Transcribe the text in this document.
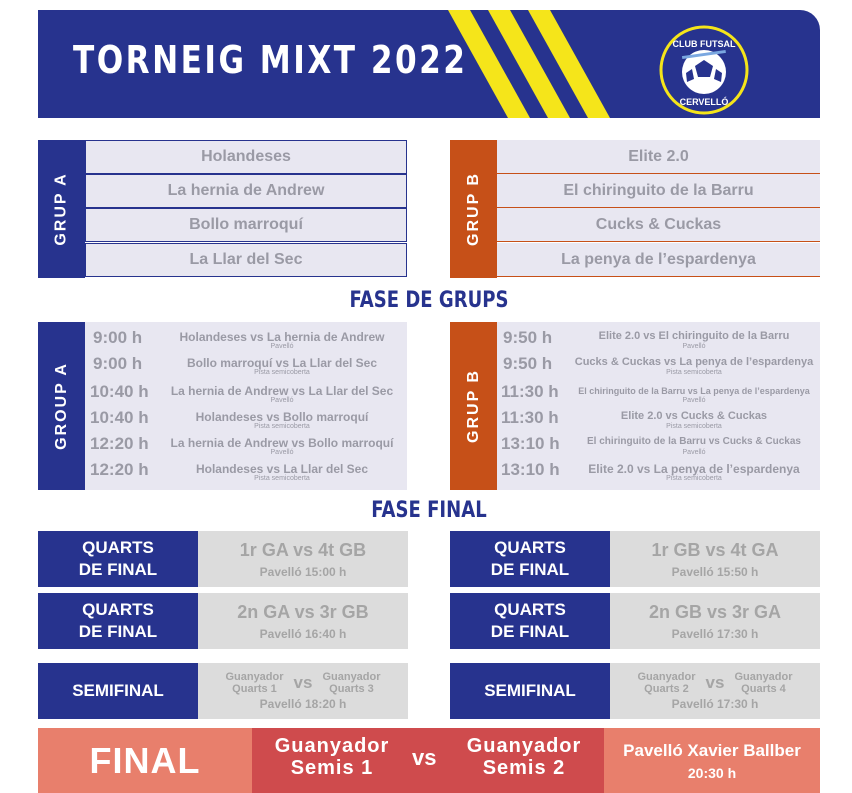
TORNEIG MIXT 2022	CLUB FUTSAL
CERVELLÓ
GRUP A
Holandeses
La hernia de Andrew
Bollo marroquí
La Llar del Sec
GRUP B
Elite 2.0
El chiringuito de la Barru
Cucks & Cuckas
La penya de l’espardenya
FASE DE GRUPS
GROUP A	GRUP B
9:00 h	Holandeses vs La hernia de Andrew
Pavelló
9:00 h	Bollo marroquí vs La Llar del Sec
Pista semicoberta
10:40 h	La hernia de Andrew vs La Llar del Sec
Pavelló
10:40 h	Holandeses vs Bollo marroquí
Pista semicoberta
12:20 h	La hernia de Andrew vs Bollo marroquí
Pavelló
12:20 h	Holandeses vs La Llar del Sec
Pista semicoberta
9:50 h	Elite 2.0 vs El chiringuito de la Barru
Pavelló
9:50 h	Cucks & Cuckas vs La penya de l’espardenya
Pista semicoberta
11:30 h	El chiringuito de la Barru vs La penya de l’espardenya
Pavelló
11:30 h	Elite 2.0 vs Cucks & Cuckas
Pista semicoberta
13:10 h	El chiringuito de la Barru vs Cucks & Cuckas
Pavelló
13:10 h	Elite 2.0 vs La penya de l’espardenya
Pista semicoberta
FASE FINAL
QUARTS
DE FINAL
1r GA vs 4t GB
Pavelló 15:00 h
QUARTS
DE FINAL
1r GB vs 4t GA
Pavelló 15:50 h
QUARTS
DE FINAL
2n GA vs 3r GB
Pavelló 16:40 h
QUARTS
DE FINAL
2n GB vs 3r GA
Pavelló 17:30 h
SEMIFINAL
Guanyador
Quarts 1 vs Guanyador
Quarts 3
Pavelló 18:20 h
SEMIFINAL
Guanyador
Quarts 2 vs Guanyador
Quarts 4
Pavelló 17:30 h
FINAL	Guanyador
Semis 1	vs	Guanyador
Semis 2
Pavelló Xavier Ballber
20:30 h
